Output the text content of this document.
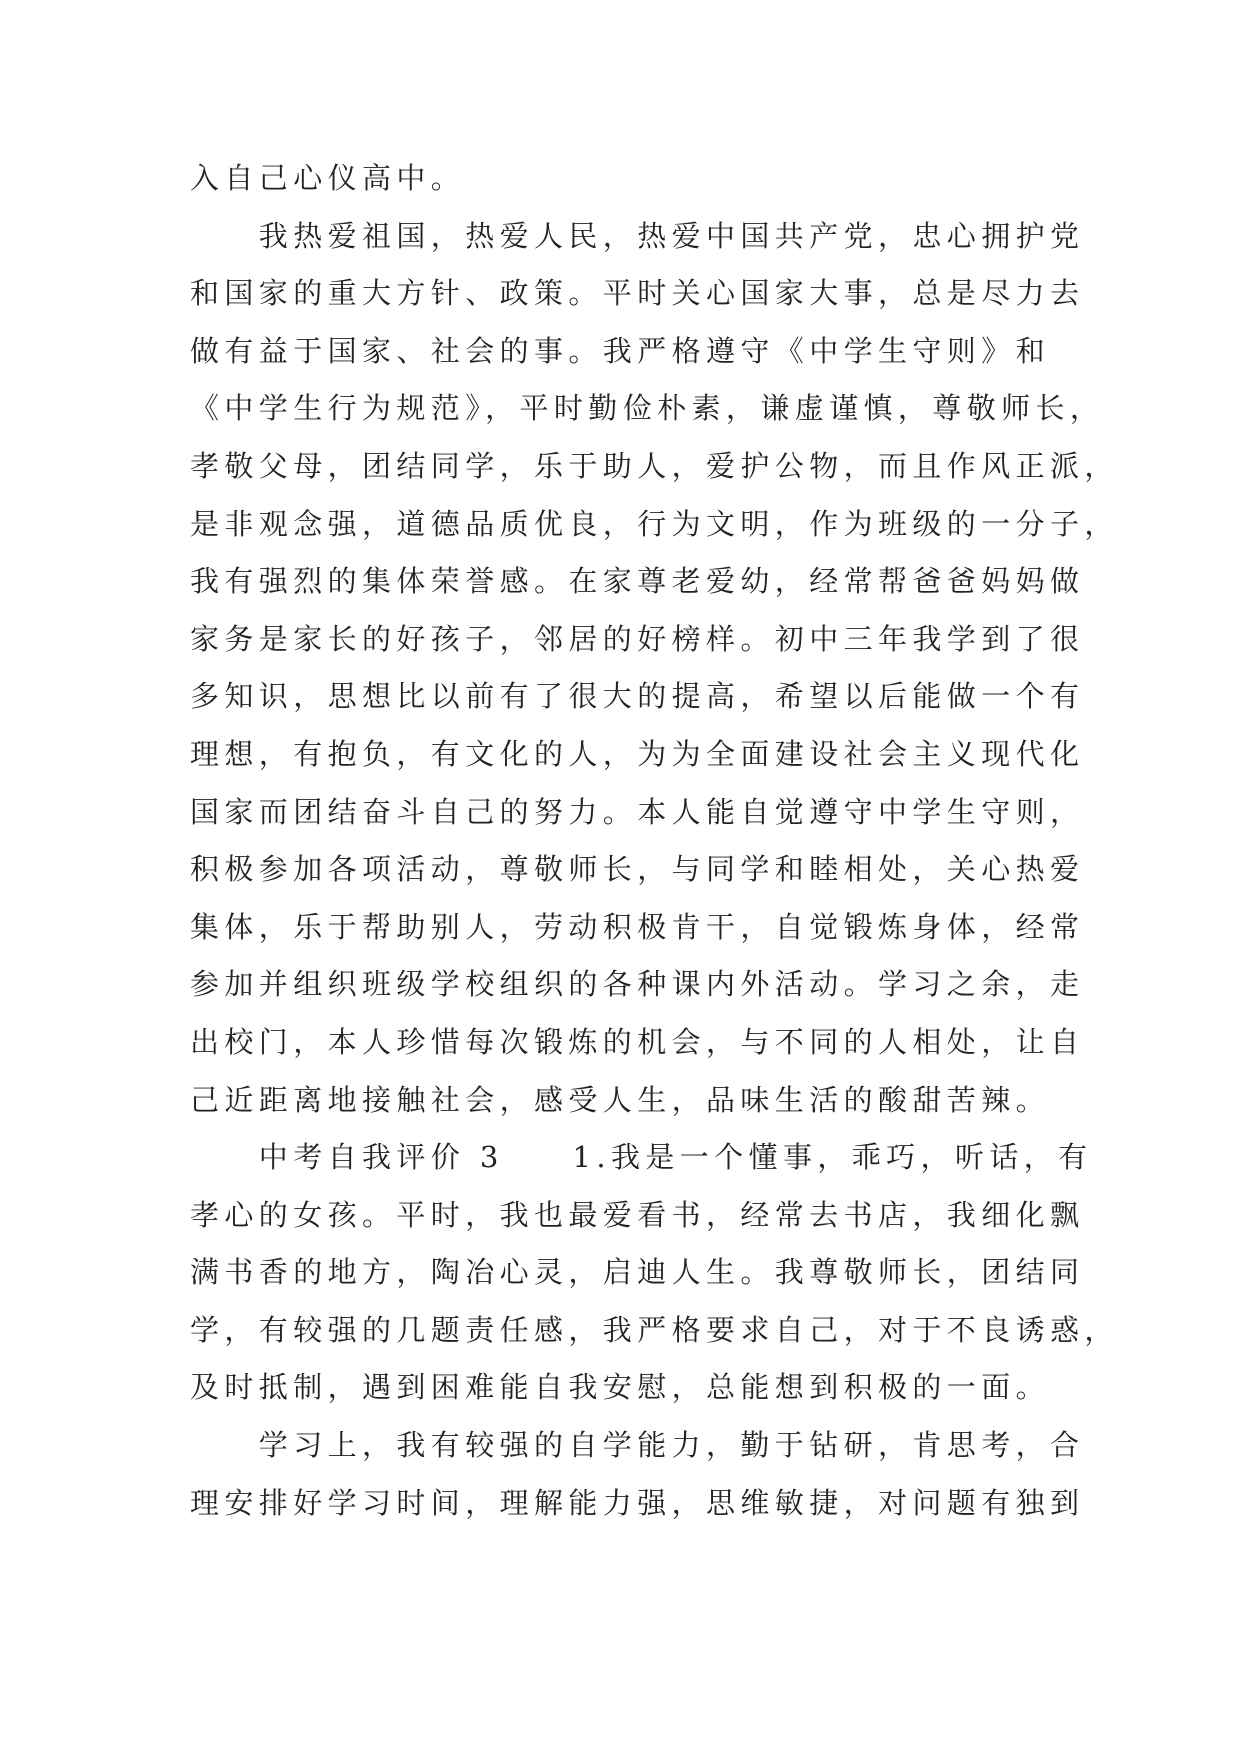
入自己心仪高中。
　　我热爱祖国，热爱人民，热爱中国共产党，忠心拥护党
和国家的重大方针、政策。平时关心国家大事，总是尽力去
做有益于国家、社会的事。我严格遵守《中学生守则》和
《中学生行为规范》，平时勤俭朴素，谦虚谨慎，尊敬师长，
孝敬父母，团结同学，乐于助人，爱护公物，而且作风正派，
是非观念强，道德品质优良，行为文明，作为班级的一分子，
我有强烈的集体荣誉感。在家尊老爱幼，经常帮爸爸妈妈做
家务是家长的好孩子，邻居的好榜样。初中三年我学到了很
多知识，思想比以前有了很大的提高，希望以后能做一个有
理想，有抱负，有文化的人，为为全面建设社会主义现代化
国家而团结奋斗自己的努力。本人能自觉遵守中学生守则，
积极参加各项活动，尊敬师长，与同学和睦相处，关心热爱
集体，乐于帮助别人，劳动积极肯干，自觉锻炼身体，经常
参加并组织班级学校组织的各种课内外活动。学习之余，走
出校门，本人珍惜每次锻炼的机会，与不同的人相处，让自
己近距离地接触社会，感受人生，品味生活的酸甜苦辣。
　　中考自我评价 3　　1.我是一个懂事，乖巧，听话，有
孝心的女孩。平时，我也最爱看书，经常去书店，我细化飘
满书香的地方，陶冶心灵，启迪人生。我尊敬师长，团结同
学，有较强的几题责任感，我严格要求自己，对于不良诱惑，
及时抵制，遇到困难能自我安慰，总能想到积极的一面。
　　学习上，我有较强的自学能力，勤于钻研，肯思考，合
理安排好学习时间，理解能力强，思维敏捷，对问题有独到
